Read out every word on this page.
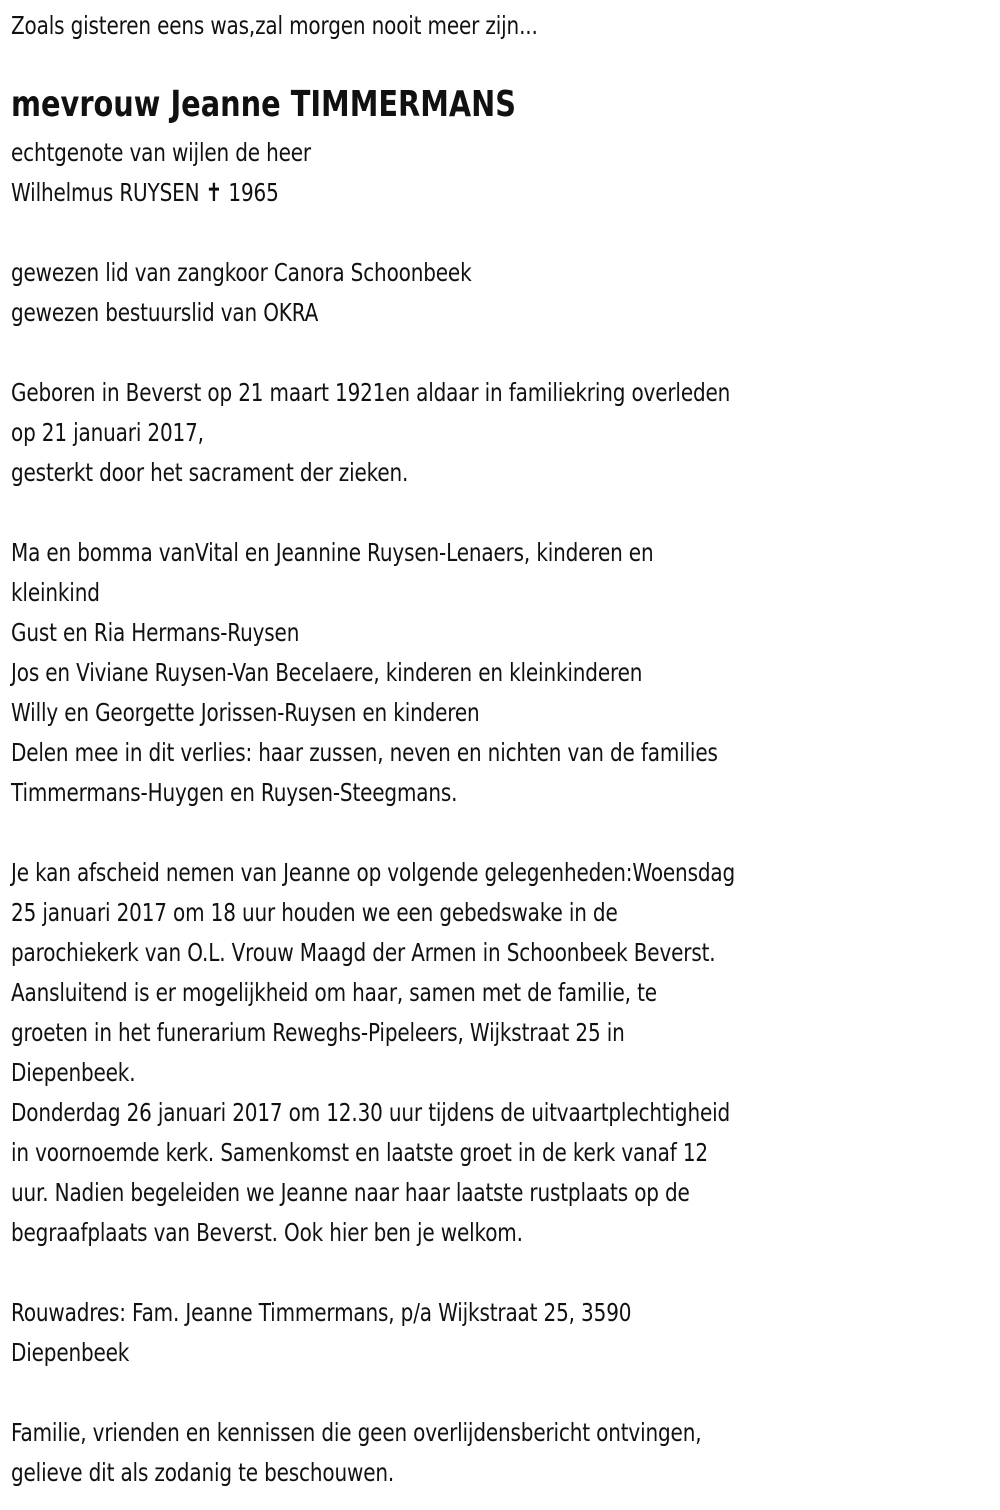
Zoals gisteren eens was,zal morgen nooit meer zijn...
mevrouw Jeanne TIMMERMANS
echtgenote van wijlen de heer
Wilhelmus RUYSEN ✝ 1965
gewezen lid van zangkoor Canora Schoonbeek
gewezen bestuurslid van OKRA
Geboren in Beverst op 21 maart 1921en aldaar in familiekring overleden
op 21 januari 2017,
gesterkt door het sacrament der zieken.
Ma en bomma vanVital en Jeannine Ruysen-Lenaers, kinderen en
kleinkind
Gust en Ria Hermans-Ruysen
Jos en Viviane Ruysen-Van Becelaere, kinderen en kleinkinderen
Willy en Georgette Jorissen-Ruysen en kinderen
Delen mee in dit verlies: haar zussen, neven en nichten van de families
Timmermans-Huygen en Ruysen-Steegmans.
Je kan afscheid nemen van Jeanne op volgende gelegenheden:Woensdag
25 januari 2017 om 18 uur houden we een gebedswake in de
parochiekerk van O.L. Vrouw Maagd der Armen in Schoonbeek Beverst.
Aansluitend is er mogelijkheid om haar, samen met de familie, te
groeten in het funerarium Reweghs-Pipeleers, Wijkstraat 25 in
Diepenbeek.
Donderdag 26 januari 2017 om 12.30 uur tijdens de uitvaartplechtigheid
in voornoemde kerk. Samenkomst en laatste groet in de kerk vanaf 12
uur. Nadien begeleiden we Jeanne naar haar laatste rustplaats op de
begraafplaats van Beverst. Ook hier ben je welkom.
Rouwadres: Fam. Jeanne Timmermans, p/a Wijkstraat 25, 3590
Diepenbeek
Familie, vrienden en kennissen die geen overlijdensbericht ontvingen,
gelieve dit als zodanig te beschouwen.
